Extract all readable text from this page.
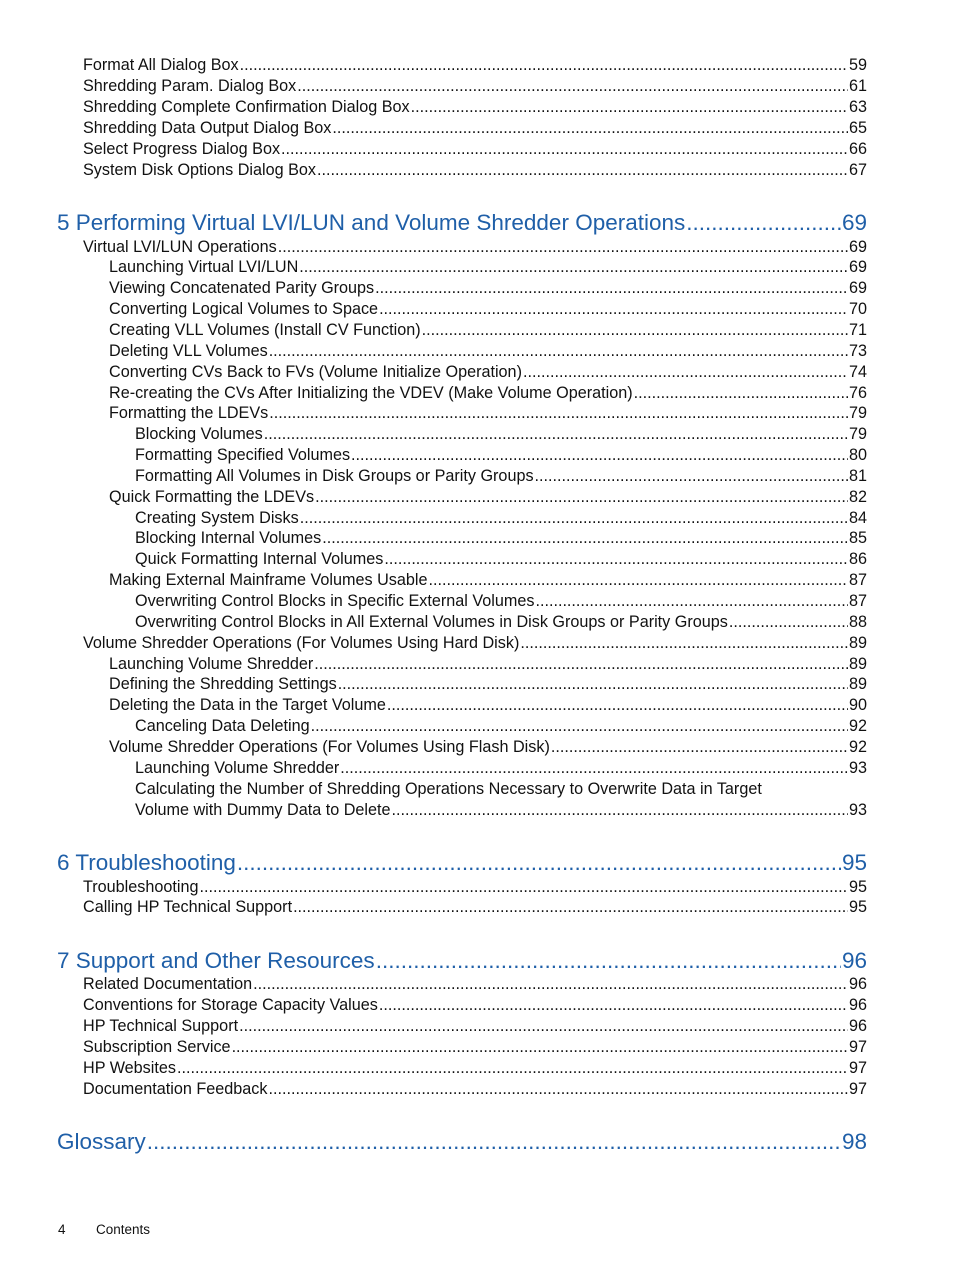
Format All Dialog Box .....	59
Shredding Param. Dialog Box .....	61
Shredding Complete Confirmation Dialog Box .....	63
Shredding Data Output Dialog Box .....	65
Select Progress Dialog Box .....	66
System Disk Options Dialog Box .....	67
5 Performing Virtual LVI/LUN and Volume Shredder Operations .....	69
Virtual LVI/LUN Operations .....	69
Launching Virtual LVI/LUN .....	69
Viewing Concatenated Parity Groups .....	69
Converting Logical Volumes to Space .....	70
Creating VLL Volumes (Install CV Function) .....	71
Deleting VLL Volumes .....	73
Converting CVs Back to FVs (Volume Initialize Operation) .....	74
Re-creating the CVs After Initializing the VDEV (Make Volume Operation) .....	76
Formatting the LDEVs .....	79
Blocking Volumes .....	79
Formatting Specified Volumes .....	80
Formatting All Volumes in Disk Groups or Parity Groups .....	81
Quick Formatting the LDEVs .....	82
Creating System Disks .....	84
Blocking Internal Volumes .....	85
Quick Formatting Internal Volumes .....	86
Making External Mainframe Volumes Usable .....	87
Overwriting Control Blocks in Specific External Volumes .....	87
Overwriting Control Blocks in All External Volumes in Disk Groups or Parity Groups .....	88
Volume Shredder Operations (For Volumes Using Hard Disk) .....	89
Launching Volume Shredder .....	89
Defining the Shredding Settings .....	89
Deleting the Data in the Target Volume .....	90
Canceling Data Deleting .....	92
Volume Shredder Operations (For Volumes Using Flash Disk) .....	92
Launching Volume Shredder .....	93
Calculating the Number of Shredding Operations Necessary to Overwrite Data in Target
Volume with Dummy Data to Delete .....	93
6 Troubleshooting .....	95
Troubleshooting .....	95
Calling HP Technical Support .....	95
7 Support and Other Resources .....	96
Related Documentation .....	96
Conventions for Storage Capacity Values .....	96
HP Technical Support .....	96
Subscription Service .....	97
HP Websites .....	97
Documentation Feedback .....	97
Glossary .....	98
4 Contents
